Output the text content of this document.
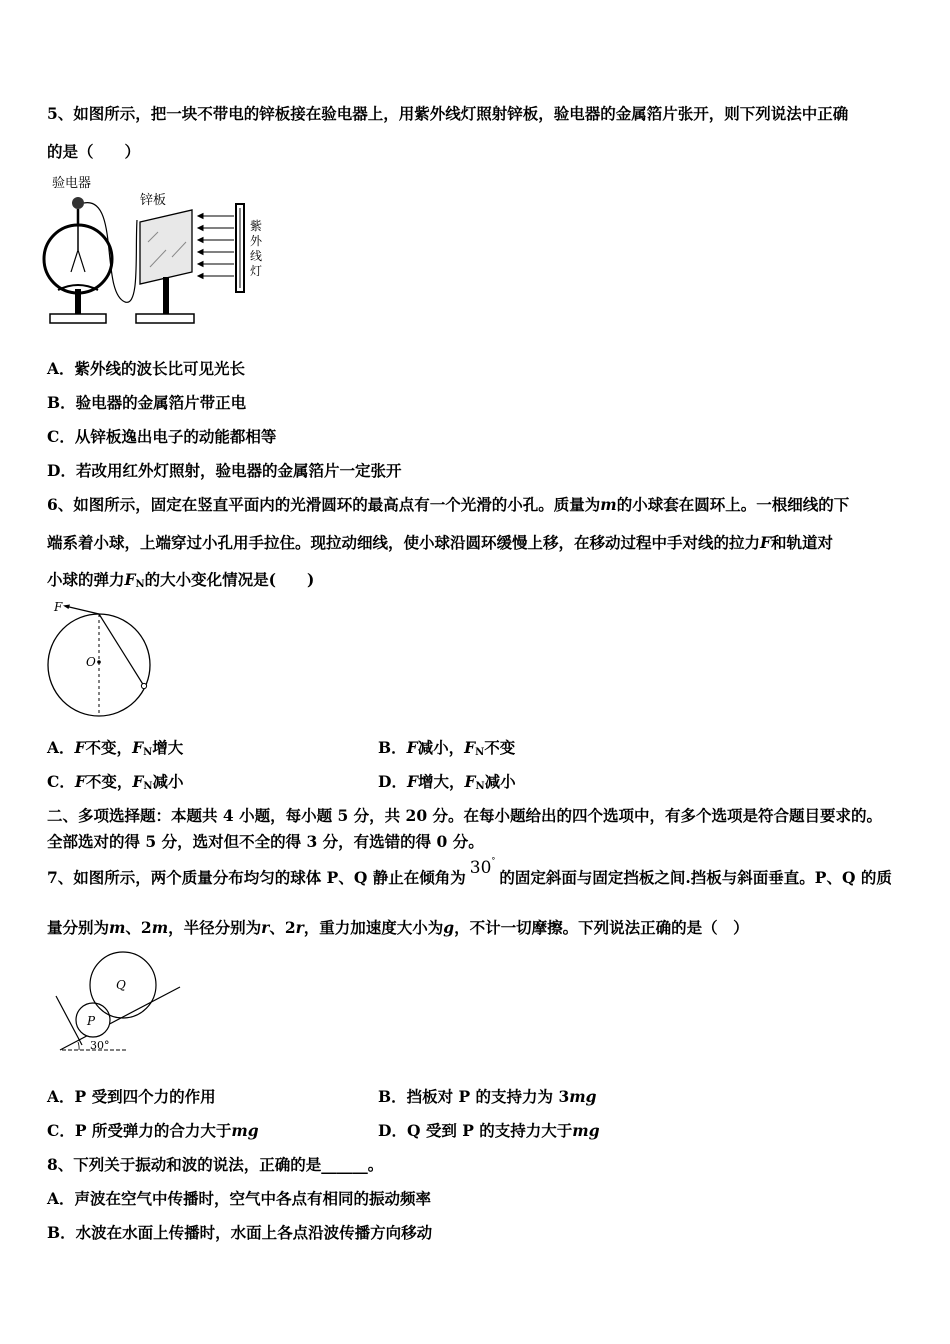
5、如图所示，把一块不带电的锌板接在验电器上，用紫外线灯照射锌板，验电器的金属箔片张开，则下列说法中正确
的是（　　）
验电器
锌板
紫
外
线
灯
A．紫外线的波长比可见光长
B．验电器的金属箔片带正电
C．从锌板逸出电子的动能都相等
D．若改用红外灯照射，验电器的金属箔片一定张开
6、如图所示，固定在竖直平面内的光滑圆环的最高点有一个光滑的小孔。质量为m的小球套在圆环上。一根细线的下
端系着小球，上端穿过小孔用手拉住。现拉动细线，使小球沿圆环缓慢上移，在移动过程中手对线的拉力F和轨道对
小球的弹力$F_N$的大小变化情况是(　　)
O
F
A．F不变，$F_N$增大	B．F减小，$F_N$不变
C．F不变，$F_N$减小	D．F增大，$F_N$减小
二、多项选择题：本题共 4 小题，每小题 5 分，共 20 分。在每小题给出的四个选项中，有多个选项是符合题目要求的。
全部选对的得 5 分，选对但不全的得 3 分，有选错的得 0 分。
7、如图所示，两个质量分布均匀的球体 P、Q 静止在倾角为 30°的固定斜面与固定挡板之间.挡板与斜面垂直。P、Q 的质
量分别为m、2m，半径分别为r、2r，重力加速度大小为g，不计一切摩擦。下列说法正确的是（　）
P
Q
30°
A．P 受到四个力的作用	B．挡板对 P 的支持力为 3mg
C．P 所受弹力的合力大于mg	D．Q 受到 P 的支持力大于mg
8、下列关于振动和波的说法，正确的是______。
A．声波在空气中传播时，空气中各点有相同的振动频率
B．水波在水面上传播时，水面上各点沿波传播方向移动
